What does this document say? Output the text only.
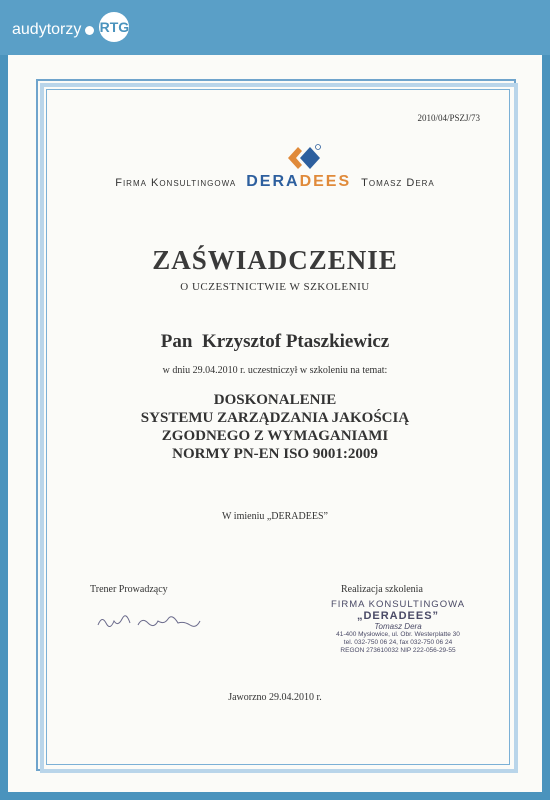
audytorzy RTG
2010/04/PSZJ/73
Firma Konsultingowa DERADEES Tomasz Dera
ZAŚWIADCZENIE
O UCZESTNICTWIE W SZKOLENIU
Pan  Krzysztof Ptaszkiewicz
w dniu 29.04.2010 r. uczestniczył w szkoleniu na temat:
DOSKONALENIE
SYSTEMU ZARZĄDZANIA JAKOŚCIĄ
ZGODNEGO Z WYMAGANIAMI
NORMY PN-EN ISO 9001:2009
W imieniu „DERADEES”
Trener Prowadzący	Realizacja szkolenia
FIRMA KONSULTINGOWA
„DERADEES”
Tomasz Dera
41-400 Mysłowice, ul. Obr. Westerplatte 30
tel. 032-750 06 24, fax 032-750 06 24
REGON 273610032 NIP 222-056-29-55
Jaworzno 29.04.2010 r.
